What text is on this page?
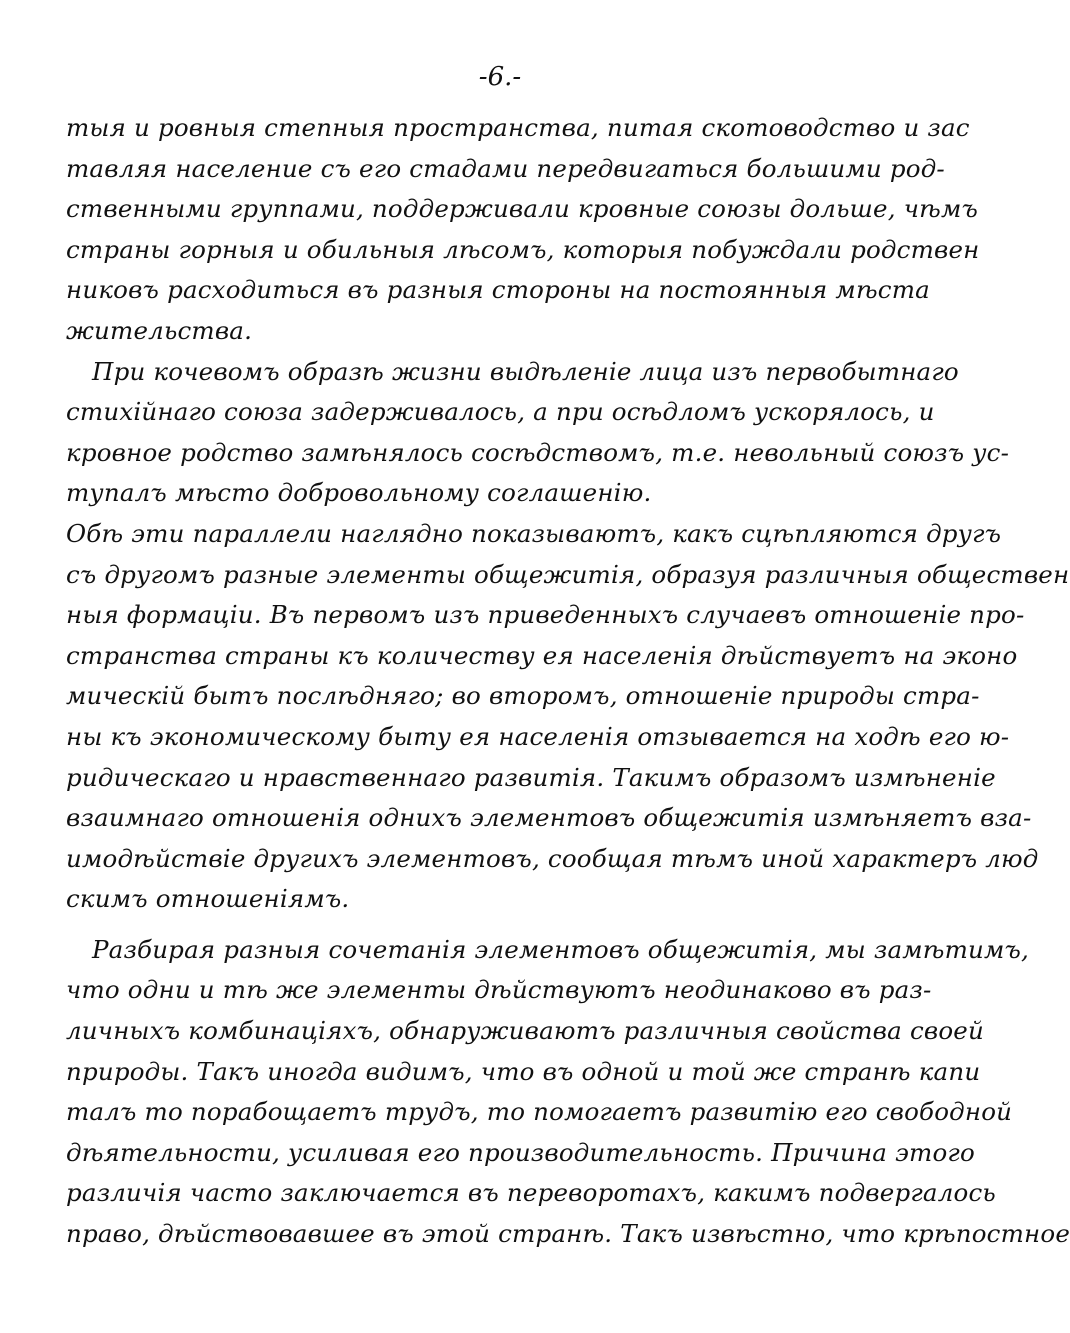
-6.-
тыя и ровныя степныя пространства, питая скотоводство и зас
тавляя население съ его стадами передвигаться большими род-
ственными группами, поддерживали кровные союзы дольше, чѣмъ
страны горныя и обильныя лѣсомъ, которыя побуждали родствен
никовъ расходиться въ разныя стороны на постоянныя мѣста
жительства.
При кочевомъ образѣ жизни выдѣленіе лица изъ первобытнаго
стихійнаго союза задерживалось, а при осѣдломъ ускорялось, и
кровное родство замѣнялось сосѣдствомъ, т.е. невольный союзъ ус-
тупалъ мѣсто добровольному соглашенію.
Обѣ эти параллели наглядно показываютъ, какъ сцѣпляются другъ
съ другомъ разные элементы общежитія, образуя различныя обществен
ныя формаціи. Въ первомъ изъ приведенныхъ случаевъ отношеніе про-
странства страны къ количеству ея населенія дѣйствуетъ на эконо
мическій бытъ послѣдняго; во второмъ, отношеніе природы стра-
ны къ экономическому быту ея населенія отзывается на ходѣ его ю-
ридическаго и нравственнаго развитія. Такимъ образомъ измѣненіе
взаимнаго отношенія однихъ элементовъ общежитія измѣняетъ вза-
имодѣйствіе другихъ элементовъ, сообщая тѣмъ иной характеръ люд
скимъ отношеніямъ.
Разбирая разныя сочетанія элементовъ общежитія, мы замѣтимъ,
что одни и тѣ же элементы дѣйствуютъ неодинаково въ раз-
личныхъ комбинаціяхъ, обнаруживаютъ различныя свойства своей
природы. Такъ иногда видимъ, что въ одной и той же странѣ капи
талъ то порабощаетъ трудъ, то помогаетъ развитію его свободной
дѣятельности, усиливая его производительность. Причина этого
различія часто заключается въ переворотахъ, какимъ подвергалось
право, дѣйствовавшее въ этой странѣ. Такъ извѣстно, что крѣпостное
